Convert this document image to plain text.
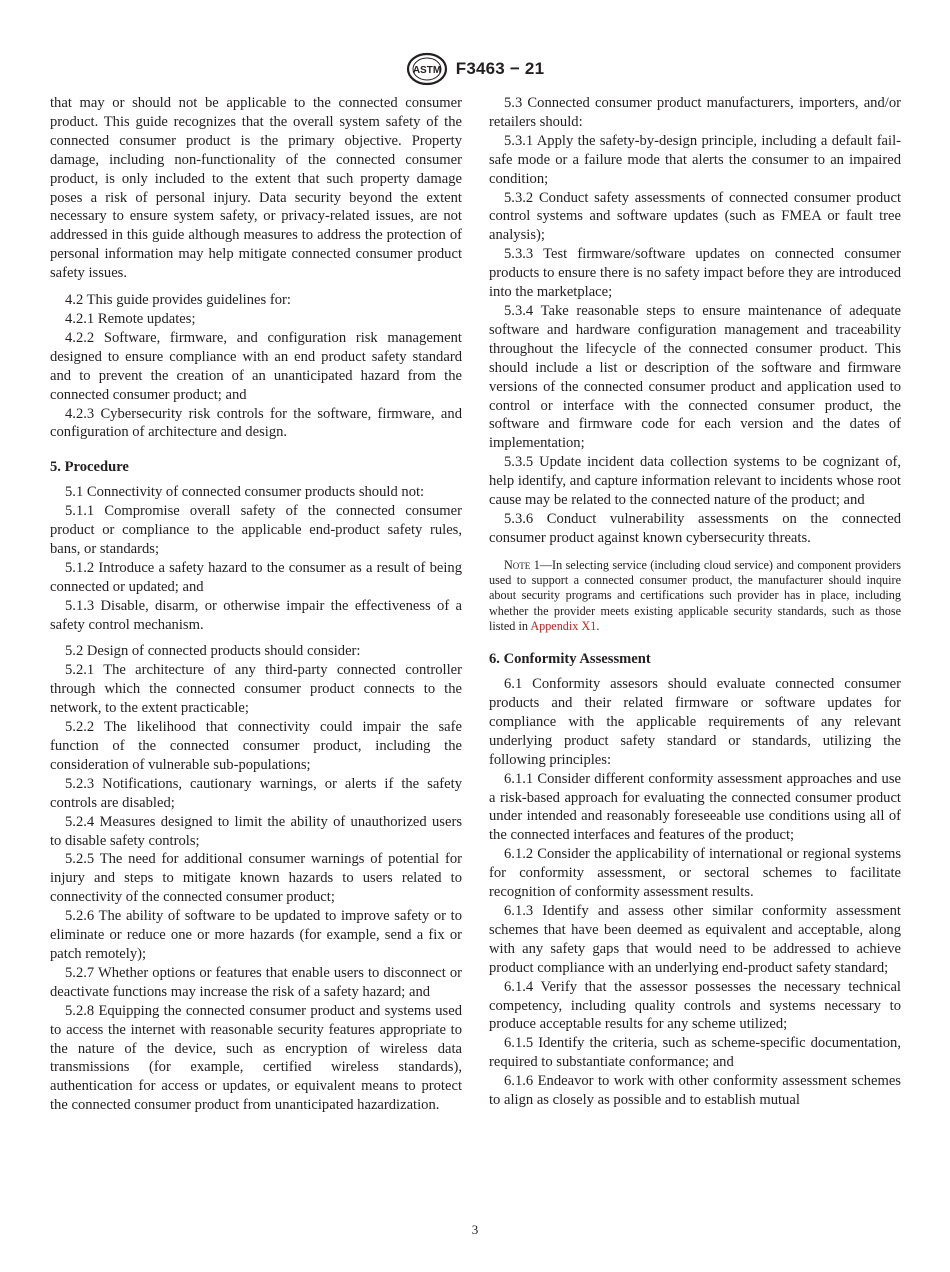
ASTM F3463 − 21

that may or should not be applicable to the connected consumer product. This guide recognizes that the overall system safety of the connected consumer product is the primary objective. Property damage, including non-functionality of the connected consumer product, is only included to the extent that such property damage poses a risk of personal injury. Data security beyond the extent necessary to ensure system safety, or privacy-related issues, are not addressed in this guide although measures to address the protection of personal information may help mitigate connected consumer product safety issues.

4.2 This guide provides guidelines for:

4.2.1 Remote updates;

4.2.2 Software, firmware, and configuration risk management designed to ensure compliance with an end product safety standard and to prevent the creation of an unanticipated hazard from the connected consumer product; and

4.2.3 Cybersecurity risk controls for the software, firmware, and configuration of architecture and design.

5. Procedure

5.1 Connectivity of connected consumer products should not:

5.1.1 Compromise overall safety of the connected consumer product or compliance to the applicable end-product safety rules, bans, or standards;

5.1.2 Introduce a safety hazard to the consumer as a result of being connected or updated; and

5.1.3 Disable, disarm, or otherwise impair the effectiveness of a safety control mechanism.

5.2 Design of connected products should consider:

5.2.1 The architecture of any third-party connected controller through which the connected consumer product connects to the network, to the extent practicable;

5.2.2 The likelihood that connectivity could impair the safe function of the connected consumer product, including the consideration of vulnerable sub-populations;

5.2.3 Notifications, cautionary warnings, or alerts if the safety controls are disabled;

5.2.4 Measures designed to limit the ability of unauthorized users to disable safety controls;

5.2.5 The need for additional consumer warnings of potential for injury and steps to mitigate known hazards to users related to connectivity of the connected consumer product;

5.2.6 The ability of software to be updated to improve safety or to eliminate or reduce one or more hazards (for example, send a fix or patch remotely);

5.2.7 Whether options or features that enable users to disconnect or deactivate functions may increase the risk of a safety hazard; and

5.2.8 Equipping the connected consumer product and systems used to access the internet with reasonable security features appropriate to the nature of the device, such as encryption of wireless data transmissions (for example, certified wireless standards), authentication for access or updates, or equivalent means to protect the connected consumer product from unanticipated hazardization.

5.3 Connected consumer product manufacturers, importers, and/or retailers should:

5.3.1 Apply the safety-by-design principle, including a default fail-safe mode or a failure mode that alerts the consumer to an impaired condition;

5.3.2 Conduct safety assessments of connected consumer product control systems and software updates (such as FMEA or fault tree analysis);

5.3.3 Test firmware/software updates on connected consumer products to ensure there is no safety impact before they are introduced into the marketplace;

5.3.4 Take reasonable steps to ensure maintenance of adequate software and hardware configuration management and traceability throughout the lifecycle of the connected consumer product. This should include a list or description of the software and firmware versions of the connected consumer product and application used to control or interface with the connected consumer product, the software and firmware code for each version and the dates of implementation;

5.3.5 Update incident data collection systems to be cognizant of, help identify, and capture information relevant to incidents whose root cause may be related to the connected nature of the product; and

5.3.6 Conduct vulnerability assessments on the connected consumer product against known cybersecurity threats.

Note 1—In selecting service (including cloud service) and component providers used to support a connected consumer product, the manufacturer should inquire about security programs and certifications such provider has in place, including whether the provider meets existing applicable security standards, such as those listed in Appendix X1.

6. Conformity Assessment

6.1 Conformity assesors should evaluate connected consumer products and their related firmware or software updates for compliance with the applicable requirements of any relevant underlying product safety standard or standards, utilizing the following principles:

6.1.1 Consider different conformity assessment approaches and use a risk-based approach for evaluating the connected consumer product under intended and reasonably foreseeable use conditions using all of the connected interfaces and features of the product;

6.1.2 Consider the applicability of international or regional systems for conformity assessment, or sectoral schemes to facilitate recognition of conformity assessment results.

6.1.3 Identify and assess other similar conformity assessment schemes that have been deemed as equivalent and acceptable, along with any safety gaps that would need to be addressed to achieve product compliance with an underlying end-product safety standard;

6.1.4 Verify that the assessor possesses the necessary technical competency, including quality controls and systems necessary to produce acceptable results for any scheme utilized;

6.1.5 Identify the criteria, such as scheme-specific documentation, required to substantiate conformance; and

6.1.6 Endeavor to work with other conformity assessment schemes to align as closely as possible and to establish mutual

3
